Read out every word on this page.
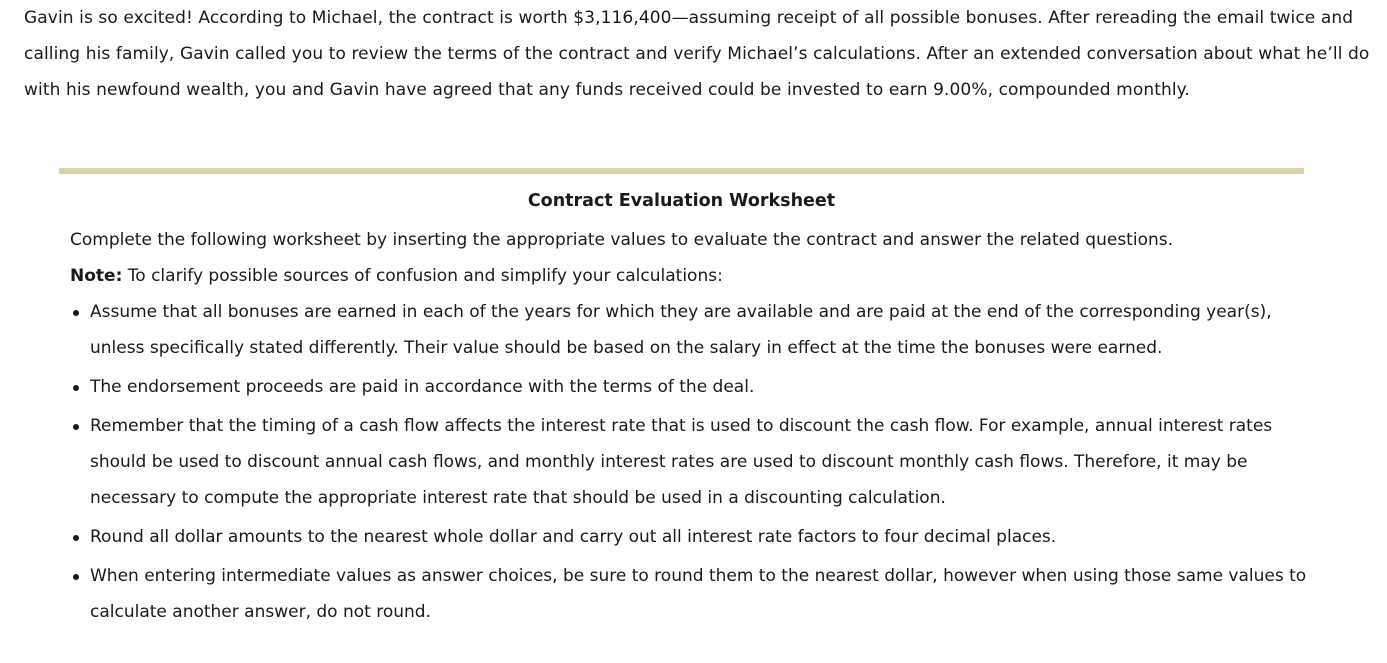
Gavin is so excited! According to Michael, the contract is worth $3,116,400—assuming receipt of all possible bonuses. After rereading the email twice and calling his family, Gavin called you to review the terms of the contract and verify Michael’s calculations. After an extended conversation about what he’ll do with his newfound wealth, you and Gavin have agreed that any funds received could be invested to earn 9.00%, compounded monthly.

Contract Evaluation Worksheet

Complete the following worksheet by inserting the appropriate values to evaluate the contract and answer the related questions.

Note: To clarify possible sources of confusion and simplify your calculations:

Assume that all bonuses are earned in each of the years for which they are available and are paid at the end of the corresponding year(s), unless specifically stated differently. Their value should be based on the salary in effect at the time the bonuses were earned.
The endorsement proceeds are paid in accordance with the terms of the deal.
Remember that the timing of a cash flow affects the interest rate that is used to discount the cash flow. For example, annual interest rates should be used to discount annual cash flows, and monthly interest rates are used to discount monthly cash flows. Therefore, it may be necessary to compute the appropriate interest rate that should be used in a discounting calculation.
Round all dollar amounts to the nearest whole dollar and carry out all interest rate factors to four decimal places.
When entering intermediate values as answer choices, be sure to round them to the nearest dollar, however when using those same values to calculate another answer, do not round.
